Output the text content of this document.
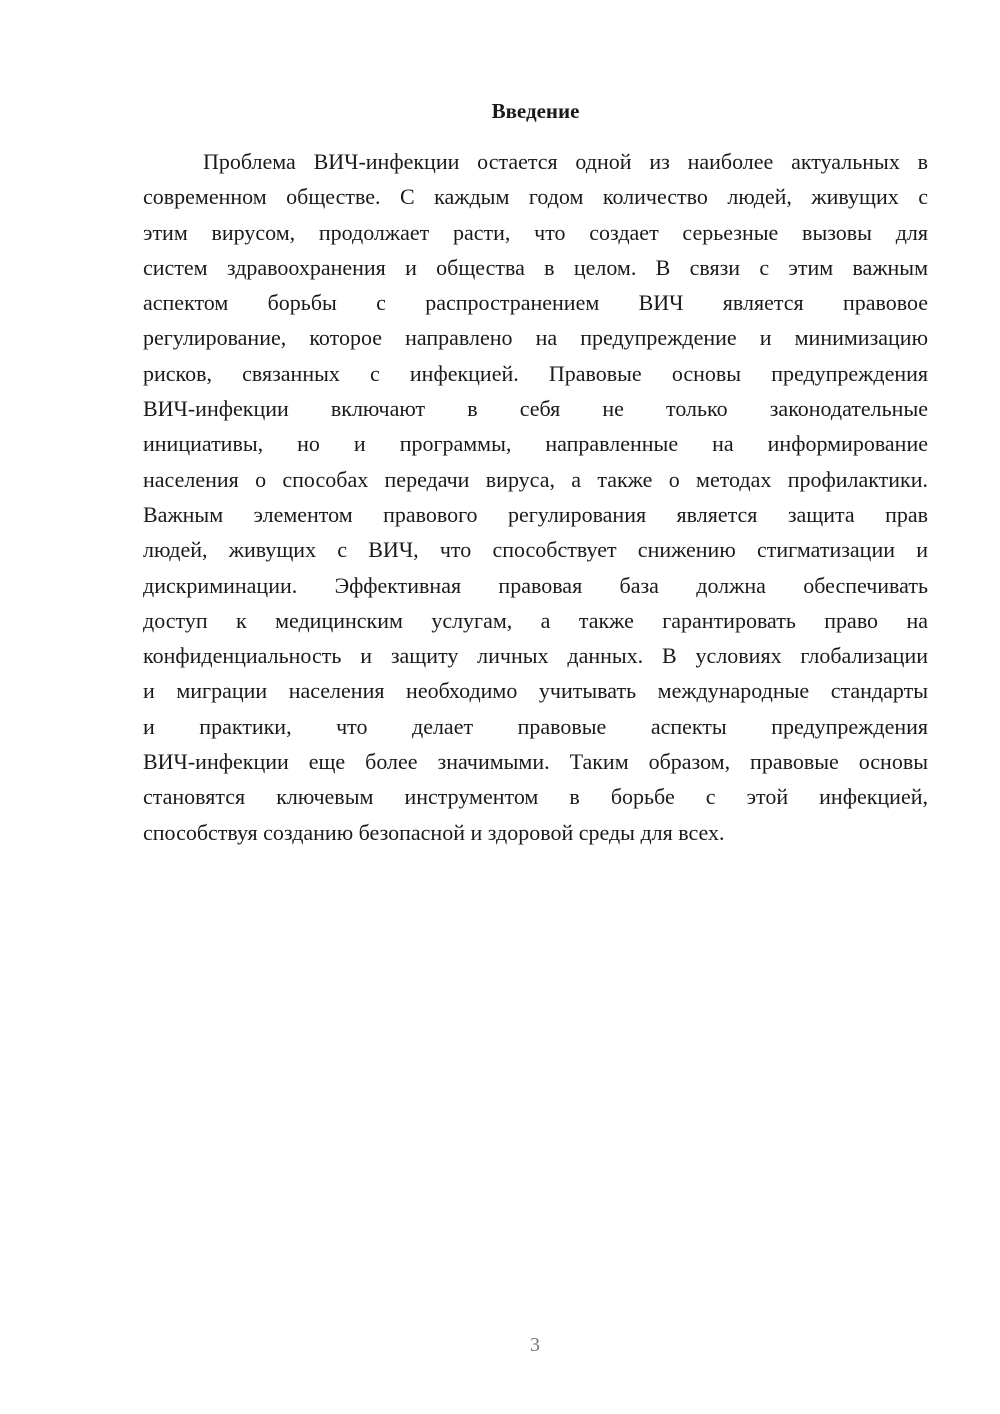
Введение

Проблема ВИЧ-инфекции остается одной из наиболее актуальных в
современном обществе. С каждым годом количество людей, живущих с
этим вирусом, продолжает расти, что создает серьезные вызовы для
систем здравоохранения и общества в целом. В связи с этим важным
аспектом борьбы с распространением ВИЧ является правовое
регулирование, которое направлено на предупреждение и минимизацию
рисков, связанных с инфекцией. Правовые основы предупреждения
ВИЧ-инфекции включают в себя не только законодательные
инициативы, но и программы, направленные на информирование
населения о способах передачи вируса, а также о методах профилактики.
Важным элементом правового регулирования является защита прав
людей, живущих с ВИЧ, что способствует снижению стигматизации и
дискриминации. Эффективная правовая база должна обеспечивать
доступ к медицинским услугам, а также гарантировать право на
конфиденциальность и защиту личных данных. В условиях глобализации
и миграции населения необходимо учитывать международные стандарты
и практики, что делает правовые аспекты предупреждения
ВИЧ-инфекции еще более значимыми. Таким образом, правовые основы
становятся ключевым инструментом в борьбе с этой инфекцией,
способствуя созданию безопасной и здоровой среды для всех.

3
